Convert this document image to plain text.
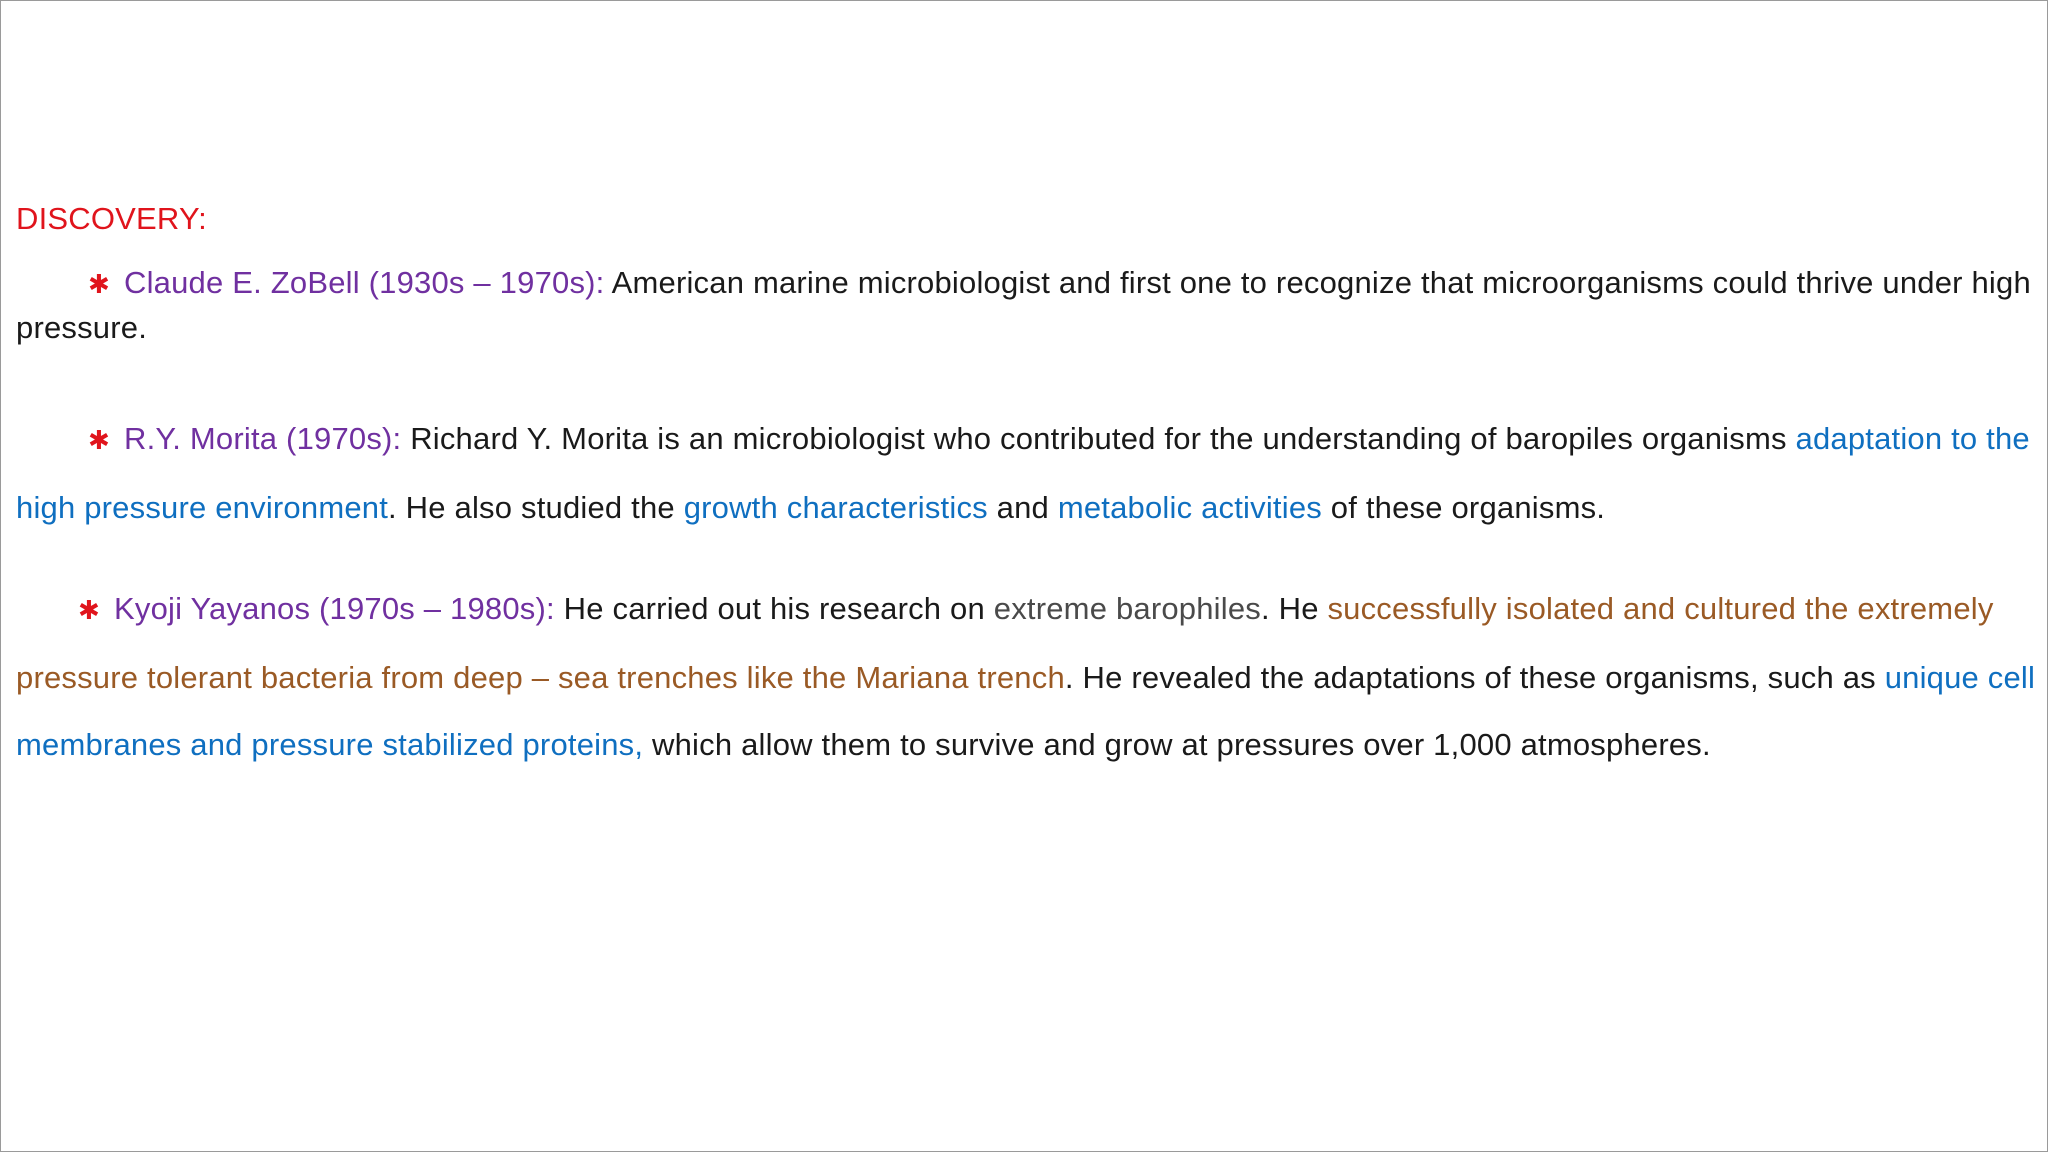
DISCOVERY:

✱ Claude E. ZoBell (1930s – 1970s): American marine microbiologist and first one to recognize that microorganisms could thrive under high pressure.

✱ R.Y. Morita (1970s): Richard Y. Morita is an microbiologist who contributed for the understanding of baropiles organisms adaptation to the high pressure environment. He also studied the growth characteristics and metabolic activities of these organisms.

✱ Kyoji Yayanos (1970s – 1980s): He carried out his research on extreme barophiles. He successfully isolated and cultured the extremely pressure tolerant bacteria from deep – sea trenches like the Mariana trench. He revealed the adaptations of these organisms, such as unique cell membranes and pressure stabilized proteins, which allow them to survive and grow at pressures over 1,000 atmospheres.
